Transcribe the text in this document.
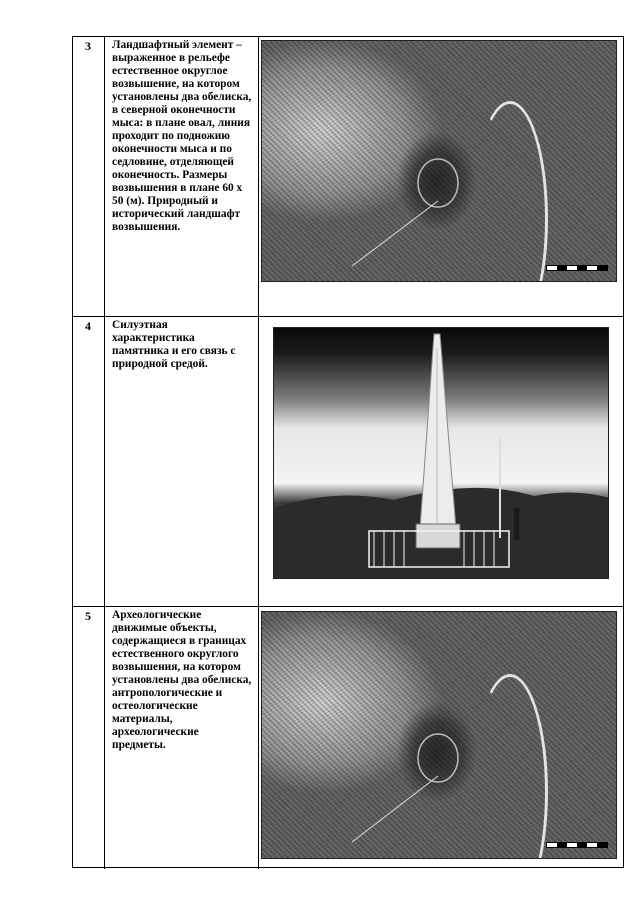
3 Ландшафтный элемент – выраженное в рельефе естественное округлое возвышение, на котором установлены два обелиска, в северной оконечности мыса: в плане овал, линия проходит по подножию оконечности мыса и по седловине, отделяющей оконечность. Размеры возвышения в плане 60 х 50 (м). Природный и исторический ландшафт возвышения.
4 Силуэтная характеристика памятника и его связь с природной средой.
5 Археологические движимые объекты, содержащиеся в границах естественного округлого возвышения, на котором установлены два обелиска, антропологические и остеологические материалы, археологические предметы.
